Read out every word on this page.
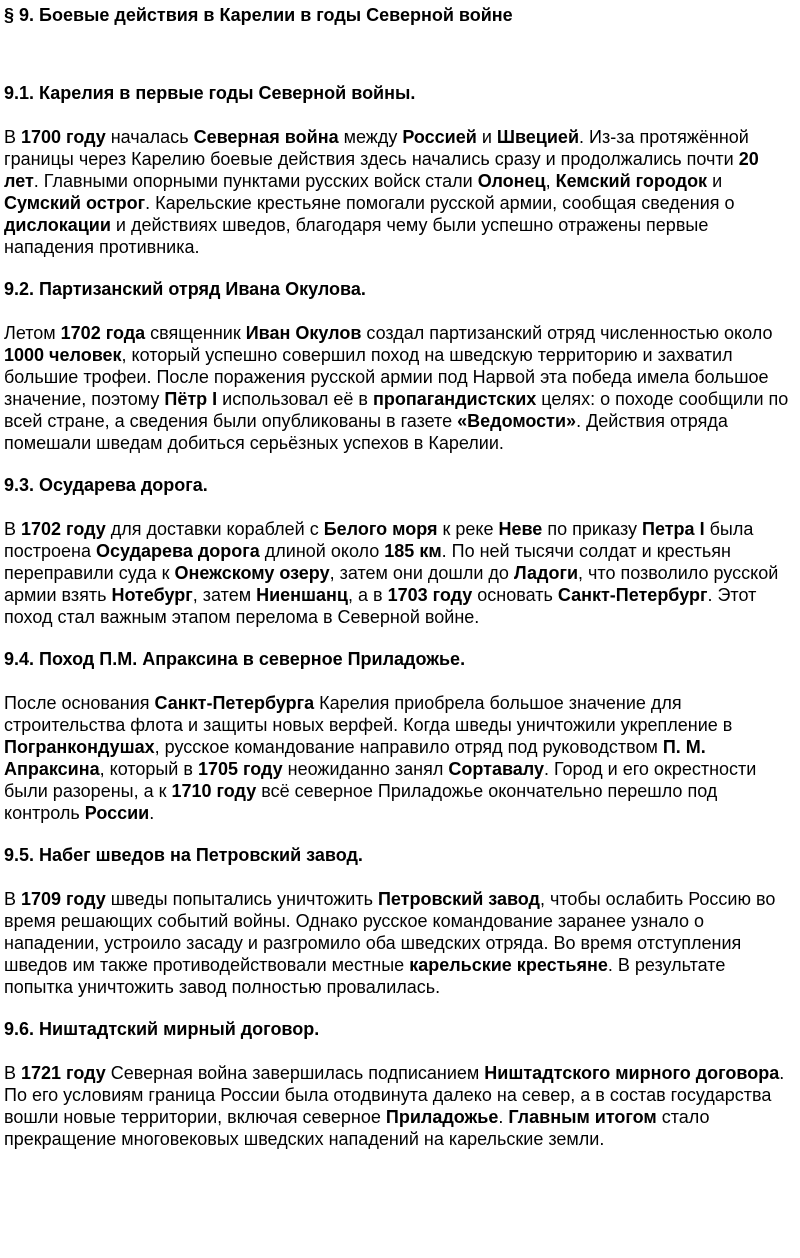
§ 9. Боевые действия в Карелии в годы Северной войне
9.1. Карелия в первые годы Северной войны.

В 1700 году началась Северная война между Россией и Швецией. Из-за протяжённой границы через Карелию боевые действия здесь начались сразу и продолжались почти 20 лет. Главными опорными пунктами русских войск стали Олонец, Кемский городок и Сумский острог. Карельские крестьяне помогали русской армии, сообщая сведения о дислокации и действиях шведов, благодаря чему были успешно отражены первые нападения противника.

9.2. Партизанский отряд Ивана Окулова.

Летом 1702 года священник Иван Окулов создал партизанский отряд численностью около 1000 человек, который успешно совершил поход на шведскую территорию и захватил большие трофеи. После поражения русской армии под Нарвой эта победа имела большое значение, поэтому Пётр I использовал её в пропагандистских целях: о походе сообщили по всей стране, а сведения были опубликованы в газете «Ведомости». Действия отряда помешали шведам добиться серьёзных успехов в Карелии.

9.3. Осударева дорога.

В 1702 году для доставки кораблей с Белого моря к реке Неве по приказу Петра I была построена Осударева дорога длиной около 185 км. По ней тысячи солдат и крестьян переправили суда к Онежскому озеру, затем они дошли до Ладоги, что позволило русской армии взять Нотебург, затем Ниеншанц, а в 1703 году основать Санкт-Петербург. Этот поход стал важным этапом перелома в Северной войне.

9.4. Поход П.М. Апраксина в северное Приладожье.

После основания Санкт-Петербурга Карелия приобрела большое значение для строительства флота и защиты новых верфей. Когда шведы уничтожили укрепление в Погранкондушах, русское командование направило отряд под руководством П. М. Апраксина, который в 1705 году неожиданно занял Сортавалу. Город и его окрестности были разорены, а к 1710 году всё северное Приладожье окончательно перешло под контроль России.

9.5. Набег шведов на Петровский завод.

В 1709 году шведы попытались уничтожить Петровский завод, чтобы ослабить Россию во время решающих событий войны. Однако русское командование заранее узнало о нападении, устроило засаду и разгромило оба шведских отряда. Во время отступления шведов им также противодействовали местные карельские крестьяне. В результате попытка уничтожить завод полностью провалилась.

9.6. Ништадтский мирный договор.

В 1721 году Северная война завершилась подписанием Ништадтского мирного договора. По его условиям граница России была отодвинута далеко на север, а в состав государства вошли новые территории, включая северное Приладожье. Главным итогом стало прекращение многовековых шведских нападений на карельские земли.
